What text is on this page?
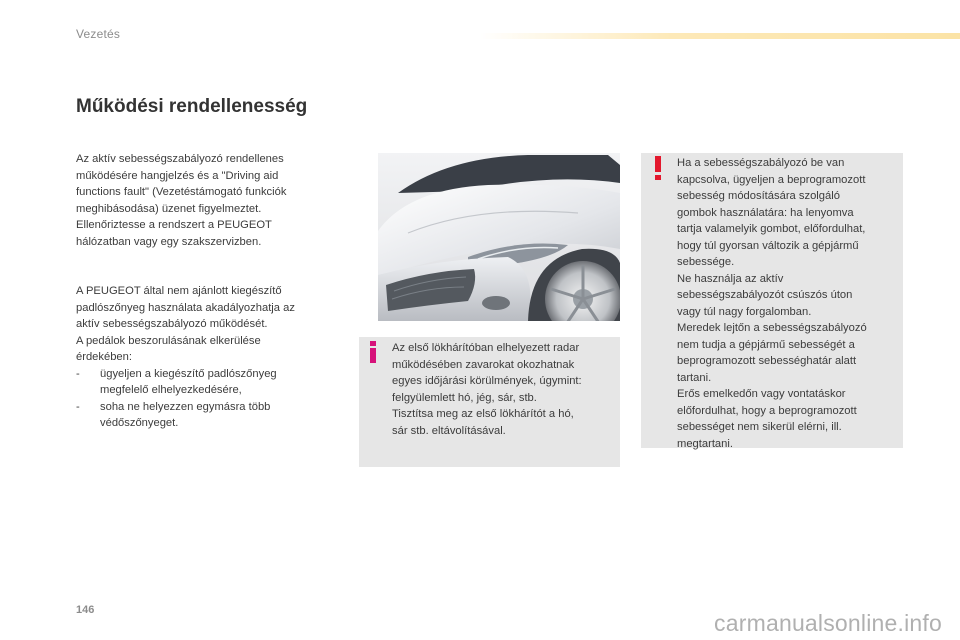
Vezetés
Működési rendellenesség

Az aktív sebességszabályozó rendellenes

működésére hangjelzés és a "Driving aid

functions fault" (Vezetéstámogató funkciók

meghibásodása) üzenet figyelmeztet.

Ellenőriztesse a rendszert a PEUGEOT

hálózatban vagy egy szakszervizben.

A PEUGEOT által nem ajánlott kiegészítő

padlószőnyeg használata akadályozhatja az

aktív sebességszabályozó működését.

A pedálok beszorulásának elkerülése

érdekében:

- ügyeljen a kiegészítő padlószőnyeg
megfelelő elhelyezkedésére,
- soha ne helyezzen egymásra több
védőszőnyeget.

Az első lökhárítóban elhelyezett radar

működésében zavarokat okozhatnak

egyes időjárási körülmények, úgymint:

felgyülemlett hó, jég, sár, stb.

Tisztítsa meg az első lökhárítót a hó,

sár stb. eltávolításával.

Ha a sebességszabályozó be van

kapcsolva, ügyeljen a beprogramozott

sebesség módosítására szolgáló

gombok használatára: ha lenyomva

tartja valamelyik gombot, előfordulhat,

hogy túl gyorsan változik a gépjármű

sebessége.

Ne használja az aktív

sebességszabályozót csúszós úton

vagy túl nagy forgalomban.

Meredek lejtőn a sebességszabályozó

nem tudja a gépjármű sebességét a

beprogramozott sebességhatár alatt

tartani.

Erős emelkedőn vagy vontatáskor

előfordulhat, hogy a beprogramozott

sebességet nem sikerül elérni, ill.

megtartani.

146	carmanualsonline.info
